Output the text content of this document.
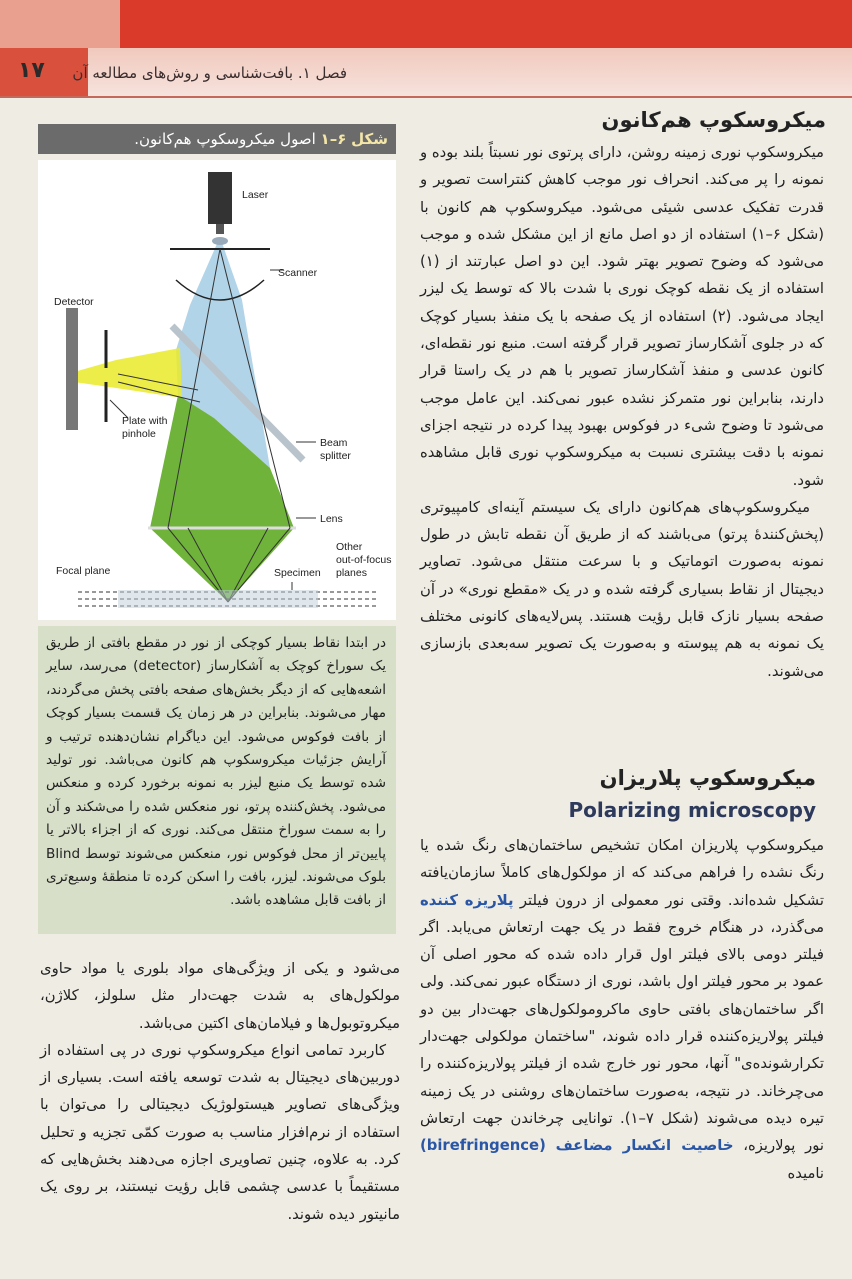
۱۷ فصل ۱. بافت‌شناسی و روش‌های مطالعه آن
میکروسکوپ هم‌کانون

میکروسکوپ نوری زمینه روشن، دارای پرتوی نور نسبتاً بلند بوده و نمونه را پر می‌کند. انحراف نور موجب کاهش کنتراست تصویر و قدرت تفکیک عدسی شیئی می‌شود. میکروسکوپ هم کانون با (شکل ۶–۱) استفاده از دو اصل مانع از این مشکل شده و موجب می‌شود که وضوح تصویر بهتر شود. این دو اصل عبارتند از (۱) استفاده از یک نقطه کوچک نوری با شدت بالا که توسط یک لیزر ایجاد می‌شود. (۲) استفاده از یک صفحه با یک منفذ بسیار کوچک که در جلوی آشکارساز تصویر قرار گرفته است. منبع نور نقطه‌ای، کانون عدسی و منفذ آشکارساز تصویر با هم در یک راستا قرار دارند، بنابراین نور متمرکز نشده عبور نمی‌کند. این عامل موجب می‌شود تا وضوح شیء در فوکوس بهبود پیدا کرده در نتیجه اجزای نمونه با دقت بیشتری نسبت به میکروسکوپ نوری قابل مشاهده شود.

میکروسکوپ‌های هم‌کانون دارای یک سیستم آینه‌ای کامپیوتری (پخش‌کنندهٔ پرتو) می‌باشند که از طریق آن نقطه تابش در طول نمونه به‌صورت اتوماتیک و با سرعت منتقل می‌شود. تصاویر دیجیتال از نقاط بسیاری گرفته شده و در یک «مقطع نوری» در آن صفحه بسیار نازک قابل رؤیت هستند. پس‌لایه‌های کانونی مختلف یک نمونه به هم پیوسته و به‌صورت یک تصویر سه‌بعدی بازسازی می‌شوند.

میکروسکوپ پلاریزان
Polarizing microscopy

میکروسکوپ پلاریزان امکان تشخیص ساختمان‌های رنگ شده یا رنگ نشده را فراهم می‌کند که از مولکول‌های کاملاً سازمان‌یافته تشکیل شده‌اند. وقتی نور معمولی از درون فیلتر پلاریزه کننده می‌گذرد، در هنگام خروج فقط در یک جهت ارتعاش می‌یابد. اگر فیلتر دومی بالای فیلتر اول قرار داده شده که محور اصلی آن عمود بر محور فیلتر اول باشد، نوری از دستگاه عبور نمی‌کند. ولی اگر ساختمان‌های بافتی حاوی ماکرومولکول‌های جهت‌دار بین دو فیلتر پولاریزه‌کننده قرار داده شوند، "ساختمان مولکولی جهت‌دار تکرارشونده‌ی" آنها، محور نور خارج شده از فیلتر پولاریزه‌کننده را می‌چرخاند. در نتیجه، به‌صورت ساختمان‌های روشنی در یک زمینه تیره دیده می‌شوند (شکل ۷–۱). توانایی چرخاندن جهت ارتعاش نور پولاریزه، خاصیت انکسار مضاعف (birefringence) نامیده

شکل ۶–۱ اصول میکروسکوپ هم‌کانون.
Laser
Scanner
Detector
Plate with
pinhole
Beam
splitter
Lens
Other
out-of-focus
planes
Focal plane	Specimen

در ابتدا نقاط بسیار کوچکی از نور در مقطع بافتی از طریق یک سوراخ کوچک به آشکارساز (detector) می‌رسد، سایر اشعه‌هایی که از دیگر بخش‌های صفحه بافتی پخش می‌گردند، مهار می‌شوند. بنابراین در هر زمان یک قسمت بسیار کوچک از بافت فوکوس می‌شود. این دیاگرام نشان‌دهنده ترتیب و آرایش جزئیات میکروسکوپ هم کانون می‌باشد. نور تولید شده توسط یک منبع لیزر به نمونه برخورد کرده و منعکس می‌شود. پخش‌کننده پرتو، نور منعکس شده را می‌شکند و آن را به سمت سوراخ منتقل می‌کند. نوری که از اجزاء بالاتر یا پایین‌تر از محل فوکوس نور، منعکس می‌شوند توسط Blind بلوک می‌شوند. لیزر، بافت را اسکن کرده تا منطقهٔ وسیع‌تری از بافت قابل مشاهده باشد.

می‌شود و یکی از ویژگی‌های مواد بلوری یا مواد حاوی مولکول‌های به شدت جهت‌دار مثل سلولز، کلاژن، میکروتوبول‌ها و فیلامان‌های اکتین می‌باشد.

کاربرد تمامی انواع میکروسکوپ نوری در پی استفاده از دوربین‌های دیجیتال به شدت توسعه یافته است. بسیاری از ویژگی‌های تصاویر هیستولوژیک دیجیتالی را می‌توان با استفاده از نرم‌افزار مناسب به صورت کمّی تجزیه و تحلیل کرد. به علاوه، چنین تصاویری اجازه می‌دهند بخش‌هایی که مستقیماً با عدسی چشمی قابل رؤیت نیستند، بر روی یک مانیتور دیده شوند.
